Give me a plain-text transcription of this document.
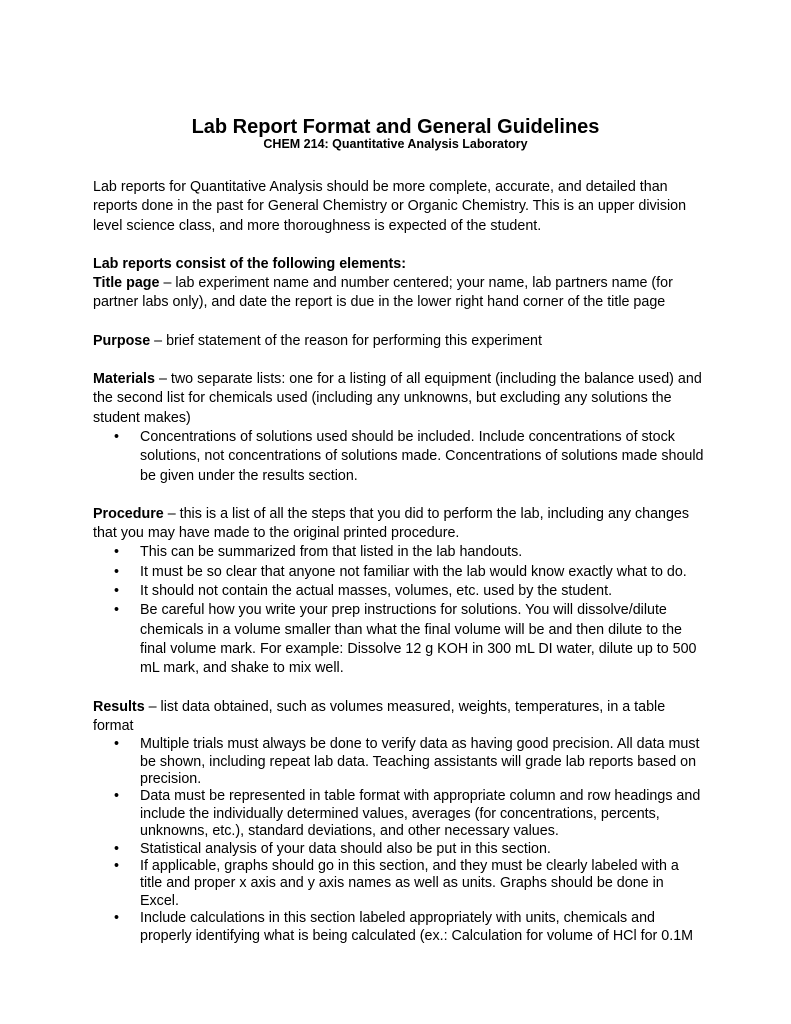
Lab Report Format and General Guidelines
CHEM 214: Quantitative Analysis Laboratory

Lab reports for Quantitative Analysis should be more complete, accurate, and detailed than reports done in the past for General Chemistry or Organic Chemistry. This is an upper division level science class, and more thoroughness is expected of the student.

Lab reports consist of the following elements:

Title page – lab experiment name and number centered; your name, lab partners name (for partner labs only), and date the report is due in the lower right hand corner of the title page

Purpose – brief statement of the reason for performing this experiment

Materials – two separate lists: one for a listing of all equipment (including the balance used) and the second list for chemicals used (including any unknowns, but excluding any solutions the student makes)

• Concentrations of solutions used should be included. Include concentrations of stock solutions, not concentrations of solutions made. Concentrations of solutions made should be given under the results section.

Procedure – this is a list of all the steps that you did to perform the lab, including any changes that you may have made to the original printed procedure.

• This can be summarized from that listed in the lab handouts.
• It must be so clear that anyone not familiar with the lab would know exactly what to do.
• It should not contain the actual masses, volumes, etc. used by the student.
• Be careful how you write your prep instructions for solutions. You will dissolve/dilute chemicals in a volume smaller than what the final volume will be and then dilute to the final volume mark. For example: Dissolve 12 g KOH in 300 mL DI water, dilute up to 500 mL mark, and shake to mix well.

Results – list data obtained, such as volumes measured, weights, temperatures, in a table format

• Multiple trials must always be done to verify data as having good precision. All data must be shown, including repeat lab data. Teaching assistants will grade lab reports based on precision.
• Data must be represented in table format with appropriate column and row headings and include the individually determined values, averages (for concentrations, percents, unknowns, etc.), standard deviations, and other necessary values.
• Statistical analysis of your data should also be put in this section.
• If applicable, graphs should go in this section, and they must be clearly labeled with a title and proper x axis and y axis names as well as units. Graphs should be done in Excel.
• Include calculations in this section labeled appropriately with units, chemicals and properly identifying what is being calculated (ex.: Calculation for volume of HCl for 0.1M
